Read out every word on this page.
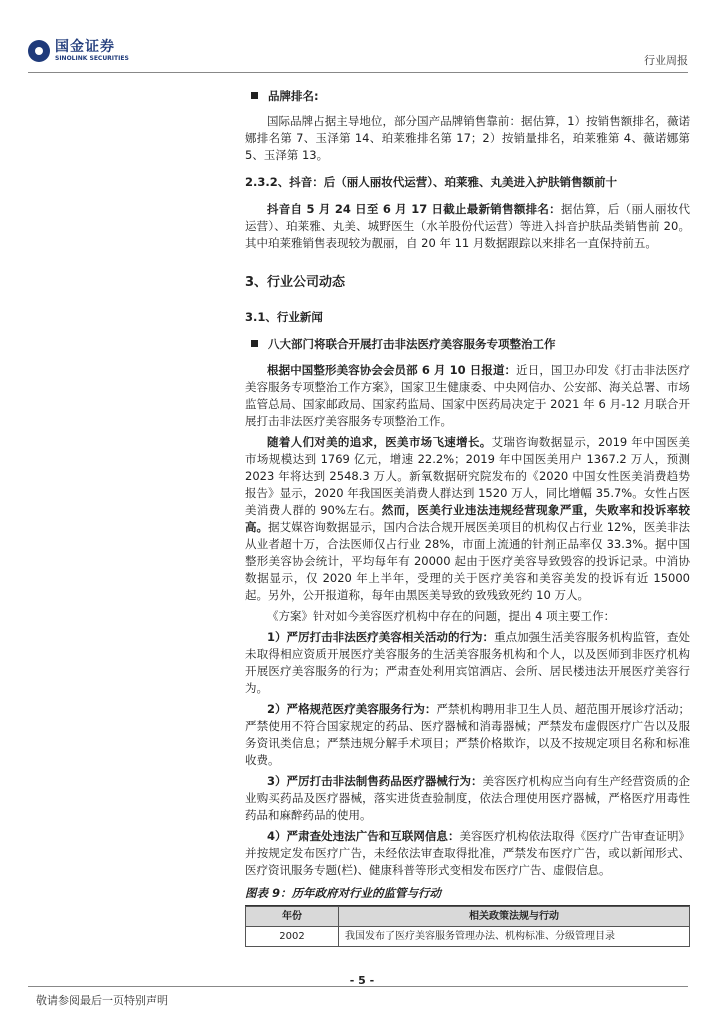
国金证券
SINOLINK SECURITIES	行业周报
品牌排名:

国际品牌占据主导地位，部分国产品牌销售靠前：据估算，1）按销售额排名，薇诺娜排名第 7、玉泽第 14、珀莱雅排名第 17；2）按销量排名，珀莱雅第 4、薇诺娜第 5、玉泽第 13。

2.3.2、抖音：后（丽人丽妆代运营）、珀莱雅、丸美进入护肤销售额前十

抖音自 5 月 24 日至 6 月 17 日截止最新销售额排名：据估算，后（丽人丽妆代运营）、珀莱雅、丸美、城野医生（水羊股份代运营）等进入抖音护肤品类销售前 20。其中珀莱雅销售表现较为靓丽，自 20 年 11 月数据跟踪以来排名一直保持前五。

3、行业公司动态
3.1、行业新闻
八大部门将联合开展打击非法医疗美容服务专项整治工作

根据中国整形美容协会会员部 6 月 10 日报道：近日，国卫办印发《打击非法医疗美容服务专项整治工作方案》，国家卫生健康委、中央网信办、公安部、海关总署、市场监管总局、国家邮政局、国家药监局、国家中医药局决定于 2021 年 6 月-12 月联合开展打击非法医疗美容服务专项整治工作。

随着人们对美的追求，医美市场飞速增长。艾瑞咨询数据显示，2019 年中国医美市场规模达到 1769 亿元，增速 22.2%；2019 年中国医美用户 1367.2 万人，预测 2023 年将达到 2548.3 万人。新氧数据研究院发布的《2020 中国女性医美消费趋势报告》显示，2020 年我国医美消费人群达到 1520 万人，同比增幅 35.7%。女性占医美消费人群的 90%左右。然而，医美行业违法违规经营现象严重，失败率和投诉率较高。据艾媒咨询数据显示，国内合法合规开展医美项目的机构仅占行业 12%，医美非法从业者超十万，合法医师仅占行业 28%，市面上流通的针剂正品率仅 33.3%。据中国整形美容协会统计，平均每年有 20000 起由于医疗美容导致毁容的投诉记录。中消协数据显示，仅 2020 年上半年，受理的关于医疗美容和美容美发的投诉有近 15000 起。另外，公开报道称，每年由黑医美导致的致残致死约 10 万人。

《方案》针对如今美容医疗机构中存在的问题，提出 4 项主要工作：

1）严厉打击非法医疗美容相关活动的行为：重点加强生活美容服务机构监管，查处未取得相应资质开展医疗美容服务的生活美容服务机构和个人，以及医师到非医疗机构开展医疗美容服务的行为；严肃查处利用宾馆酒店、会所、居民楼违法开展医疗美容行为。

2）严格规范医疗美容服务行为：严禁机构聘用非卫生人员、超范围开展诊疗活动；严禁使用不符合国家规定的药品、医疗器械和消毒器械；严禁发布虚假医疗广告以及服务资讯类信息；严禁违规分解手术项目；严禁价格欺诈，以及不按规定项目名称和标准收费。

3）严厉打击非法制售药品医疗器械行为：美容医疗机构应当向有生产经营资质的企业购买药品及医疗器械，落实进货查验制度，依法合理使用医疗器械，严格医疗用毒性药品和麻醉药品的使用。

4）严肃查处违法广告和互联网信息：美容医疗机构依法取得《医疗广告审查证明》并按规定发布医疗广告，未经依法审查取得批准，严禁发布医疗广告，或以新闻形式、医疗资讯服务专题(栏)、健康科普等形式变相发布医疗广告、虚假信息。

图表 9：历年政府对行业的监管与行动
年份	相关政策法规与行动
2002	我国发布了医疗美容服务管理办法、机构标准、分级管理目录
- 5 -
敬请参阅最后一页特别声明
